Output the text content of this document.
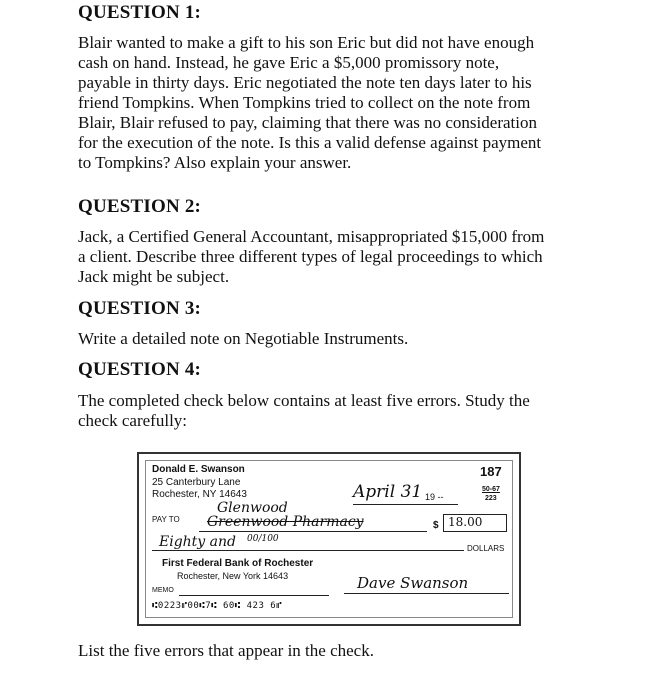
QUESTION 1:
Blair wanted to make a gift to his son Eric but did not have enough
cash on hand. Instead, he gave Eric a $5,000 promissory note,
payable in thirty days. Eric negotiated the note ten days later to his
friend Tompkins. When Tompkins tried to collect on the note from
Blair, Blair refused to pay, claiming that there was no consideration
for the execution of the note. Is this a valid defense against payment
to Tompkins? Also explain your answer.
QUESTION 2:
Jack, a Certified General Accountant, misappropriated $15,000 from
a client. Describe three different types of legal proceedings to which
Jack might be subject.
QUESTION 3:
Write a detailed note on Negotiable Instruments.
QUESTION 4:
The completed check below contains at least five errors. Study the
check carefully:
Donald E. Swanson
25 Canterbury Lane
Rochester, NY 14643
187
50-67
223
April 31 19 --
Glenwood
PAY TO Greenwood Pharmacy	$ 18.00
Eighty and 00/100
DOLLARS
First Federal Bank of Rochester
Rochester, New York 14643
MEMO	Dave Swanson
⑆0223⑈00⑆7⑆ 60⑆ 423 6⑈
List the five errors that appear in the check.
